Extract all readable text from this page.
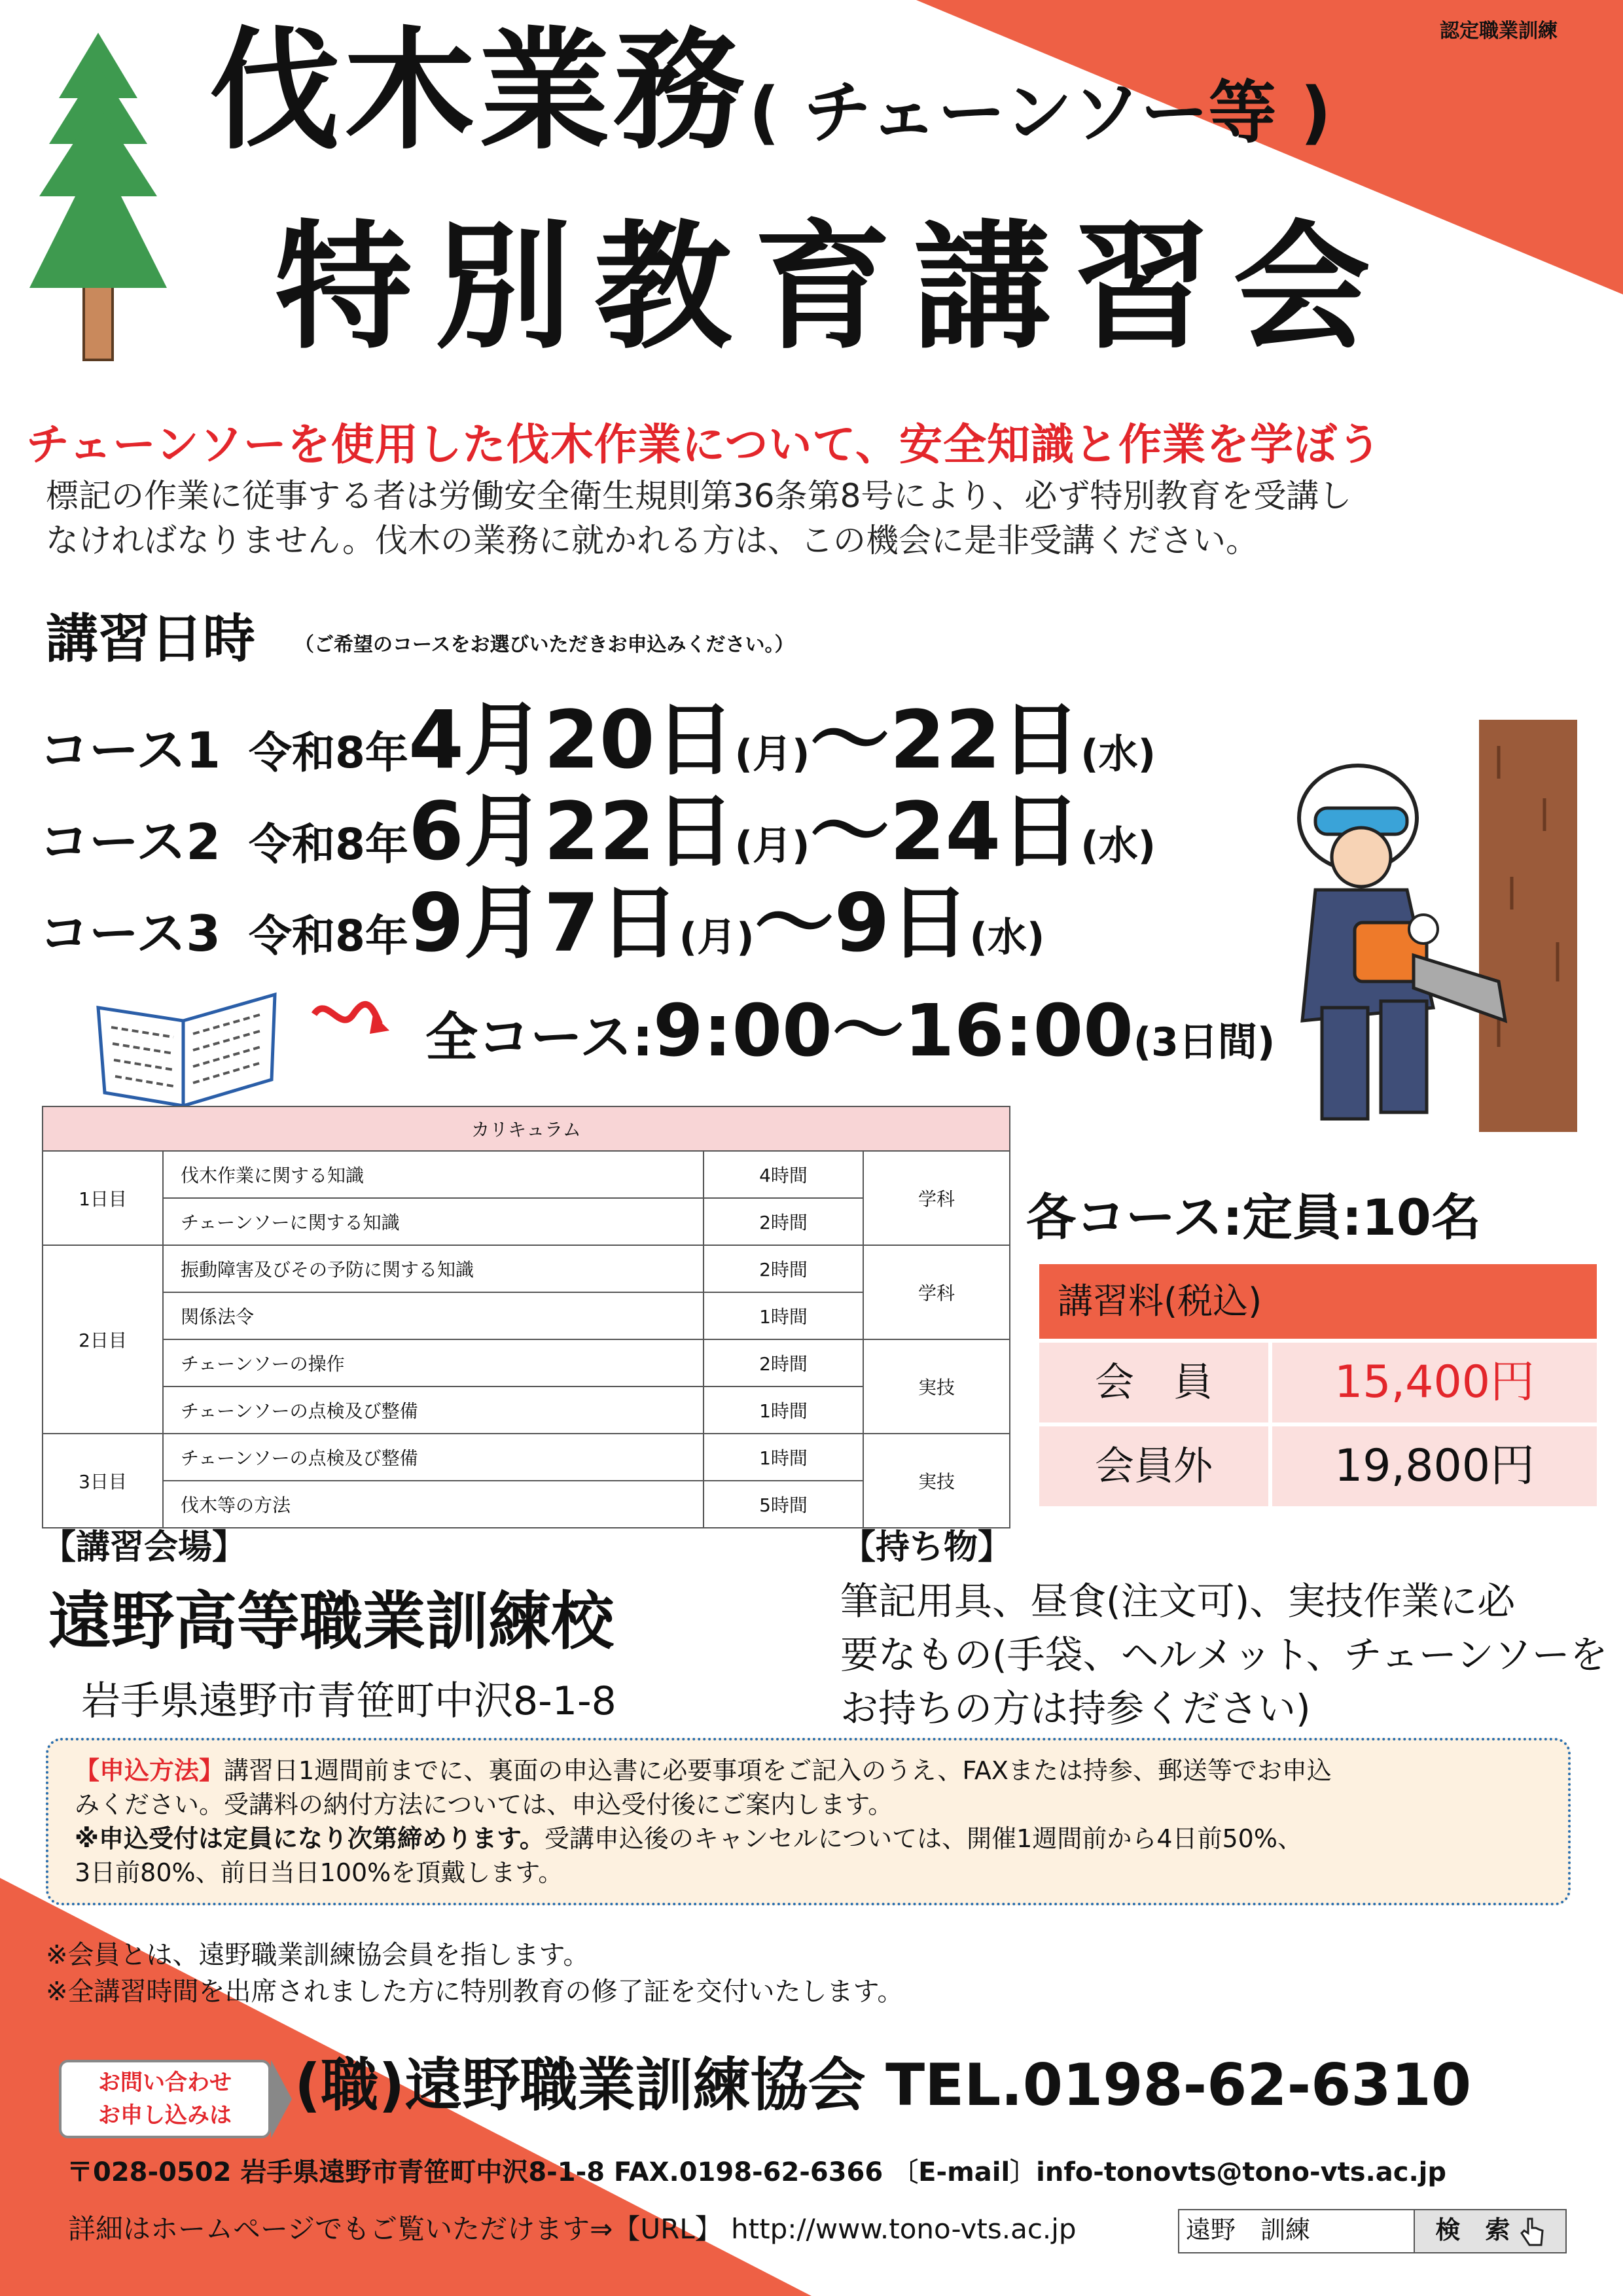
認定職業訓練
伐木業務( チェーンソー等 )
特別教育講習会
チェーンソーを使用した伐木作業について、安全知識と作業を学ぼう

標記の作業に従事する者は労働安全衛生規則第36条第8号により、必ず特別教育を受講し

なければなりません。伐木の業務に就かれる方は、この機会に是非受講ください。

講習日時 （ご希望のコースをお選びいただきお申込みください。）
コース1 令和8年4月20日(月)〜22日(水)
コース2 令和8年6月22日(月)〜24日(水)
コース3 令和8年9月7日(月)〜9日(水)
全コース:9:00〜16:00(3日間)
カリキュラム			
1日目	伐木作業に関する知識	4時間	学科
	チェーンソーに関する知識	2時間	
2日目	振動障害及びその予防に関する知識	2時間	学科
	関係法令	1時間	
	チェーンソーの操作	2時間	実技
	チェーンソーの点検及び整備	1時間	
3日目	チェーンソーの点検及び整備	1時間	実技
	伐木等の方法	5時間	
各コース:定員:10名
講習料(税込)
会　員	15,400円
会員外	19,800円
【講習会場】
遠野高等職業訓練校
岩手県遠野市青笹町中沢8-1-8
【持ち物】

筆記用具、昼食(注文可)、実技作業に必

要なもの(手袋、ヘルメット、チェーンソーを

お持ちの方は持参ください)

【申込方法】講習日1週間前までに、裏面の申込書に必要事項をご記入のうえ、FAXまたは持参、郵送等でお申込

みください。受講料の納付方法については、申込受付後にご案内します。

※申込受付は定員になり次第締めります。受講申込後のキャンセルについては、開催1週間前から4日前50%、

3日前80%、前日当日100%を頂戴します。

※会員とは、遠野職業訓練協会員を指します。

※全講習時間を出席されました方に特別教育の修了証を交付いたします。

お問い合わせ
お申し込みは	(職)遠野職業訓練協会 TEL.0198-62-6310
〒028-0502 岩手県遠野市青笹町中沢8-1-8 FAX.0198-62-6366 〔E-mail〕info-tonovts@tono-vts.ac.jp
詳細はホームページでもご覧いただけます⇒【URL】 http://www.tono-vts.ac.jp	遠野　訓練	検　索
